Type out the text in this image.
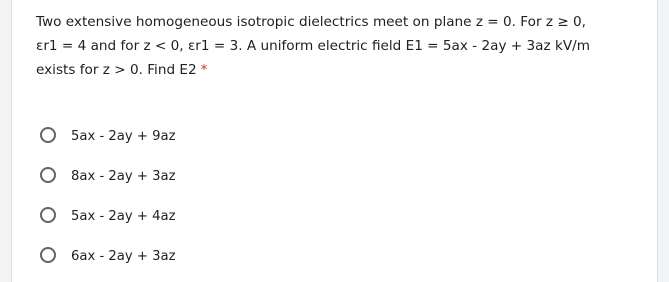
Two extensive homogeneous isotropic dielectrics meet on plane z = 0. For z ≥ 0,
εr1 = 4 and for z < 0, εr1 = 3. A uniform electric field E1 = 5ax - 2ay + 3az kV/m
exists for z > 0. Find E2 *
5ax - 2ay + 9az
8ax - 2ay + 3az
5ax - 2ay + 4az
6ax - 2ay + 3az
